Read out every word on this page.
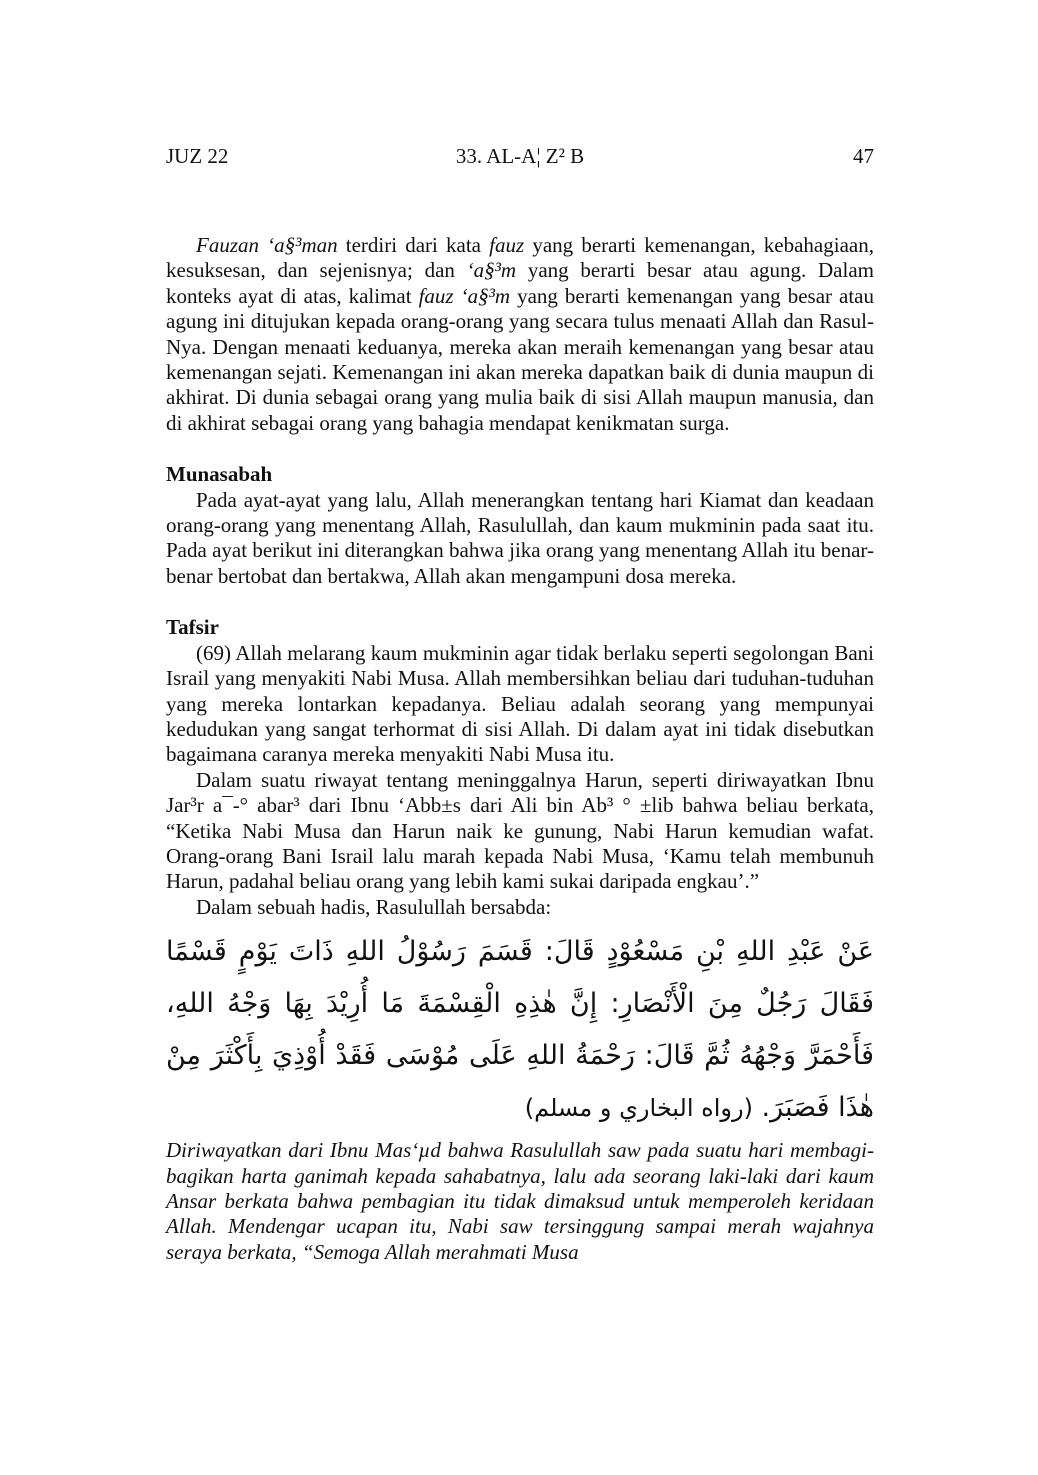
JUZ 22	33. AL-A¦ Z² B	47

Fauzan ‘a§³man terdiri dari kata fauz yang berarti kemenangan, kebahagiaan, kesuksesan, dan sejenisnya; dan ‘a§³m yang berarti besar atau agung. Dalam konteks ayat di atas, kalimat fauz ‘a§³m yang berarti kemenangan yang besar atau agung ini ditujukan kepada orang-orang yang secara tulus menaati Allah dan Rasul-Nya. Dengan menaati keduanya, mereka akan meraih kemenangan yang besar atau kemenangan sejati. Kemenangan ini akan mereka dapatkan baik di dunia maupun di akhirat. Di dunia sebagai orang yang mulia baik di sisi Allah maupun manusia, dan di akhirat sebagai orang yang bahagia mendapat kenikmatan surga.

Munasabah

Pada ayat-ayat yang lalu, Allah menerangkan tentang hari Kiamat dan keadaan orang-orang yang menentang Allah, Rasulullah, dan kaum mukminin pada saat itu. Pada ayat berikut ini diterangkan bahwa jika orang yang menentang Allah itu benar-benar bertobat dan bertakwa, Allah akan mengampuni dosa mereka.

Tafsir

(69) Allah melarang kaum mukminin agar tidak berlaku seperti segolongan Bani Israil yang menyakiti Nabi Musa. Allah membersihkan beliau dari tuduhan-tuduhan yang mereka lontarkan kepadanya. Beliau adalah seorang yang mempunyai kedudukan yang sangat terhormat di sisi Allah. Di dalam ayat ini tidak disebutkan bagaimana caranya mereka menyakiti Nabi Musa itu.

Dalam suatu riwayat tentang meninggalnya Harun, seperti diriwayatkan Ibnu Jar³r a¯-° abar³ dari Ibnu ‘Abb±s dari Ali bin Ab³ ° ±lib bahwa beliau berkata, “Ketika Nabi Musa dan Harun naik ke gunung, Nabi Harun kemudian wafat. Orang-orang Bani Israil lalu marah kepada Nabi Musa, ‘Kamu telah membunuh Harun, padahal beliau orang yang lebih kami sukai daripada engkau’.”

Dalam sebuah hadis, Rasulullah bersabda:

عَنْ عَبْدِ اللهِ بْنِ مَسْعُوْدٍ قَالَ: قَسَمَ رَسُوْلُ اللهِ ذَاتَ يَوْمٍ قَسْمًا فَقَالَ رَجُلٌ مِنَ الْأَنْصَارِ: إِنَّ هٰذِهِ الْقِسْمَةَ مَا أُرِيْدَ بِهَا وَجْهُ اللهِ، فَأَحْمَرَّ وَجْهُهُ ثُمَّ قَالَ: رَحْمَةُ اللهِ عَلَى مُوْسَى فَقَدْ أُوْذِيَ بِأَكْثَرَ مِنْ هٰذَا فَصَبَرَ. (رواه البخاري و مسلم)

Diriwayatkan dari Ibnu Mas‘µd bahwa Rasulullah saw pada suatu hari membagi-bagikan harta ganimah kepada sahabatnya, lalu ada seorang laki-laki dari kaum Ansar berkata bahwa pembagian itu tidak dimaksud untuk memperoleh keridaan Allah. Mendengar ucapan itu, Nabi saw tersinggung sampai merah wajahnya seraya berkata, “Semoga Allah merahmati Musa
